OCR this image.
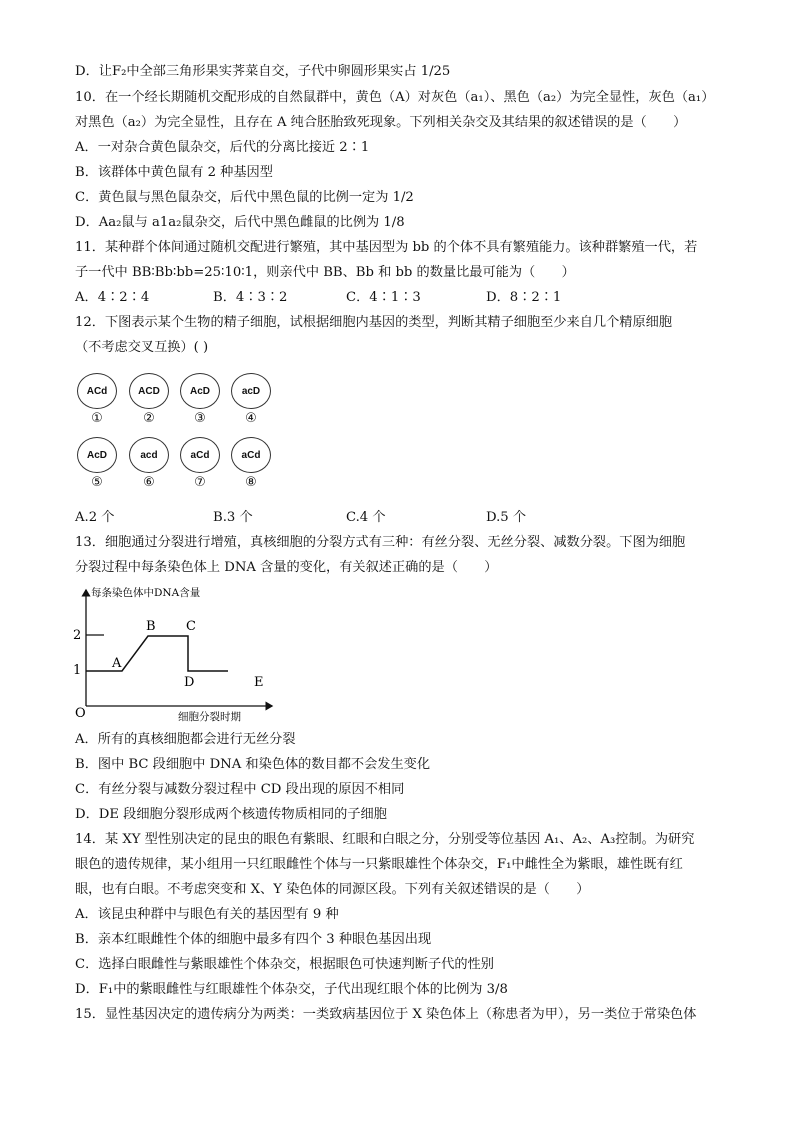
D．让F₂中全部三角形果实荠菜自交，子代中卵圆形果实占 1/25
10．在一个经长期随机交配形成的自然鼠群中，黄色（A）对灰色（a₁）、黑色（a₂）为完全显性，灰色（a₁）
对黑色（a₂）为完全显性，且存在 A 纯合胚胎致死现象。下列相关杂交及其结果的叙述错误的是（　　）
A．一对杂合黄色鼠杂交，后代的分离比接近 2∶1
B．该群体中黄色鼠有 2 种基因型
C．黄色鼠与黑色鼠杂交，后代中黑色鼠的比例一定为 1/2
D．Aa₂鼠与 a1a₂鼠杂交，后代中黑色雌鼠的比例为 1/8
11．某种群个体间通过随机交配进行繁殖，其中基因型为 bb 的个体不具有繁殖能力。该种群繁殖一代，若
子一代中 BB∶Bb∶bb=25∶10∶1，则亲代中 BB、Bb 和 bb 的数量比最可能为（　　）
A．4∶2∶4	B．4∶3∶2	C．4∶1∶3	D．8∶2∶1
12．下图表示某个生物的精子细胞，试根据细胞内基因的类型，判断其精子细胞至少来自几个精原细胞
（不考虑交叉互换）( )
ACd
①
ACD
②
AcD
③
acD
④
AcD
⑤
acd
⑥
aCd
⑦
aCd
⑧
A.2 个	B.3 个	C.4 个	D.5 个
13．细胞通过分裂进行增殖，真核细胞的分裂方式有三种：有丝分裂、无丝分裂、减数分裂。下图为细胞
分裂过程中每条染色体上 DNA 含量的变化，有关叙述正确的是（　　）
每条染色体中DNA含量
细胞分裂时期
O
2
1 A
B C
D	E
A．所有的真核细胞都会进行无丝分裂
B．图中 BC 段细胞中 DNA 和染色体的数目都不会发生变化
C．有丝分裂与减数分裂过程中 CD 段出现的原因不相同
D．DE 段细胞分裂形成两个核遗传物质相同的子细胞
14．某 XY 型性别决定的昆虫的眼色有紫眼、红眼和白眼之分，分别受等位基因 A₁、A₂、A₃控制。为研究
眼色的遗传规律，某小组用一只红眼雌性个体与一只紫眼雄性个体杂交，F₁中雌性全为紫眼，雄性既有红
眼，也有白眼。不考虑突变和 X、Y 染色体的同源区段。下列有关叙述错误的是（　　）
A．该昆虫种群中与眼色有关的基因型有 9 种
B．亲本红眼雌性个体的细胞中最多有四个 3 种眼色基因出现
C．选择白眼雌性与紫眼雄性个体杂交，根据眼色可快速判断子代的性别
D．F₁中的紫眼雌性与红眼雄性个体杂交，子代出现红眼个体的比例为 3/8
15．显性基因决定的遗传病分为两类：一类致病基因位于 X 染色体上（称患者为甲），另一类位于常染色体
